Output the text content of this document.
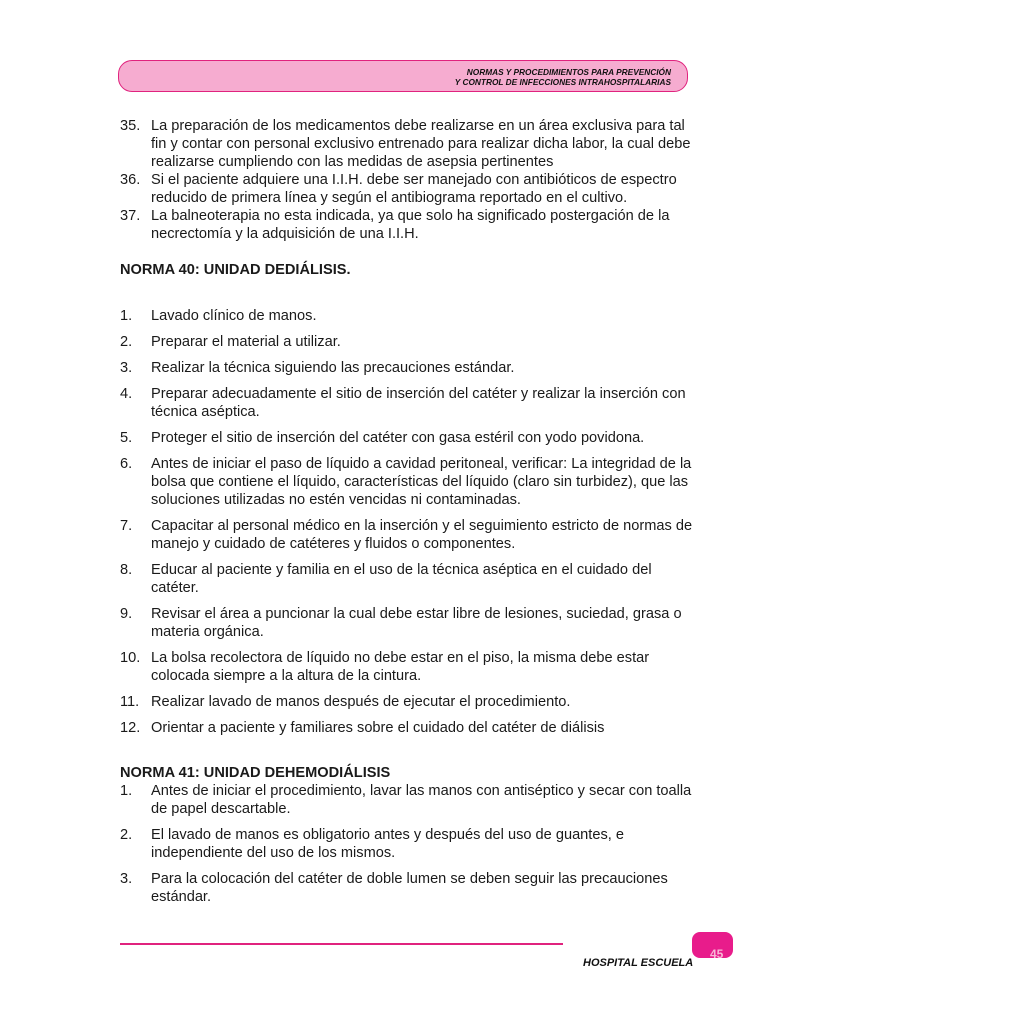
NORMAS Y PROCEDIMIENTOS PARA PREVENCIÓN
Y CONTROL DE INFECCIONES INTRAHOSPITALARIAS
35. La preparación de los medicamentos debe realizarse en un área exclusiva para tal fin y contar con personal exclusivo entrenado para realizar dicha labor, la cual debe realizarse cumpliendo con las medidas de asepsia pertinentes
36. Si el paciente adquiere una I.I.H. debe ser manejado con antibióticos de espectro reducido de primera línea y según el antibiograma reportado en el cultivo.
37. La balneoterapia no esta indicada, ya que solo ha significado postergación de la necrectomía y la adquisición de una I.I.H.
NORMA 40: UNIDAD DEDIÁLISIS.
1. Lavado clínico de manos.
2. Preparar el material a utilizar.
3. Realizar la técnica siguiendo las precauciones estándar.
4. Preparar adecuadamente el sitio de inserción del catéter y realizar la inserción con técnica aséptica.
5. Proteger el sitio de inserción del catéter con gasa estéril con yodo povidona.
6. Antes de iniciar el paso de líquido a cavidad peritoneal, verificar: La integridad de la bolsa que contiene el líquido, características del líquido (claro sin turbidez), que las soluciones utilizadas no estén vencidas ni contaminadas.
7. Capacitar al personal médico en la inserción y el seguimiento estricto de normas de manejo y cuidado de catéteres y fluidos o componentes.
8. Educar al paciente y familia en el uso de la técnica aséptica en el cuidado del catéter.
9. Revisar el área a puncionar la cual debe estar libre de lesiones, suciedad, grasa o materia orgánica.
10. La bolsa recolectora de líquido no debe estar en el piso, la misma debe estar colocada siempre a la altura de la cintura.
11. Realizar lavado de manos después de ejecutar el procedimiento.
12. Orientar a paciente y familiares sobre el cuidado del catéter de diálisis
NORMA 41: UNIDAD DEHEMODIÁLISIS
1. Antes de iniciar el procedimiento, lavar las manos con antiséptico y secar con toalla de papel descartable.
2. El lavado de manos es obligatorio antes y después del uso de guantes, e independiente del uso de los mismos.
3. Para la colocación del catéter de doble lumen se deben seguir las precauciones estándar.
45
HOSPITAL ESCUELA
